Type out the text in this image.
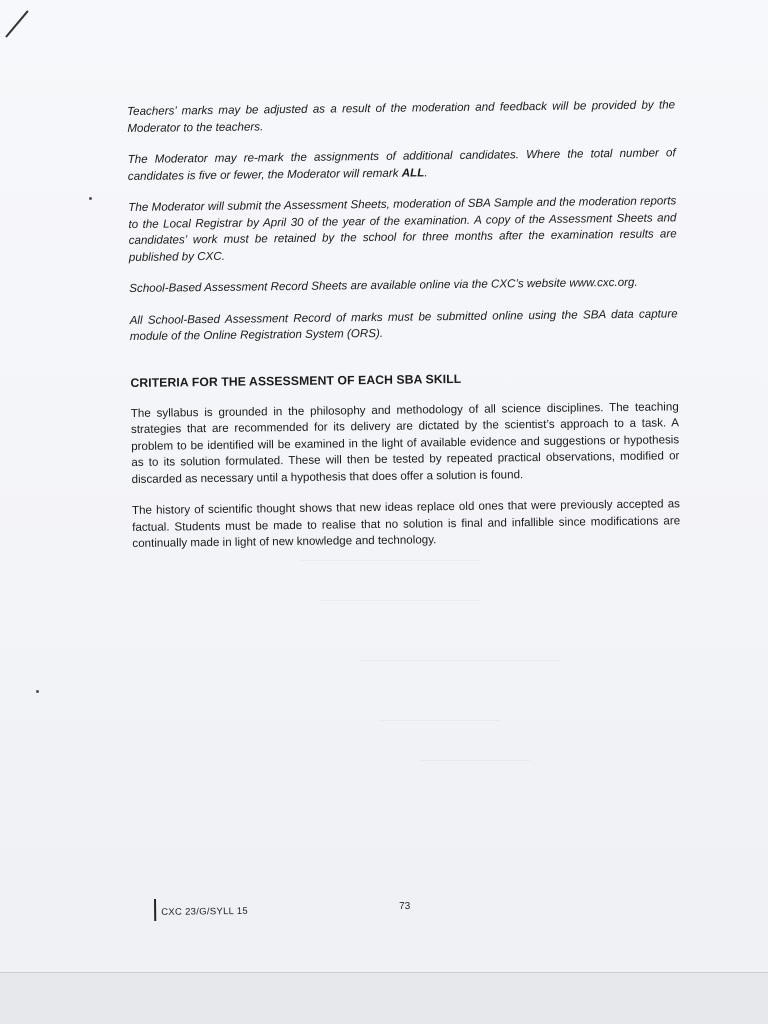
Teachers’ marks may be adjusted as a result of the moderation and feedback will be provided by the Moderator to the teachers.

The Moderator may re-mark the assignments of additional candidates. Where the total number of candidates is five or fewer, the Moderator will remark ALL.

The Moderator will submit the Assessment Sheets, moderation of SBA Sample and the moderation reports to the Local Registrar by April 30 of the year of the examination. A copy of the Assessment Sheets and candidates’ work must be retained by the school for three months after the examination results are published by CXC.

School-Based Assessment Record Sheets are available online via the CXC’s website www.cxc.org.

All School-Based Assessment Record of marks must be submitted online using the SBA data capture module of the Online Registration System (ORS).

CRITERIA FOR THE ASSESSMENT OF EACH SBA SKILL

The syllabus is grounded in the philosophy and methodology of all science disciplines. The teaching strategies that are recommended for its delivery are dictated by the scientist’s approach to a task. A problem to be identified will be examined in the light of available evidence and suggestions or hypothesis as to its solution formulated. These will then be tested by repeated practical observations, modified or discarded as necessary until a hypothesis that does offer a solution is found.

The history of scientific thought shows that new ideas replace old ones that were previously accepted as factual. Students must be made to realise that no solution is final and infallible since modifications are continually made in light of new knowledge and technology.

CXC 23/G/SYLL 15	73
